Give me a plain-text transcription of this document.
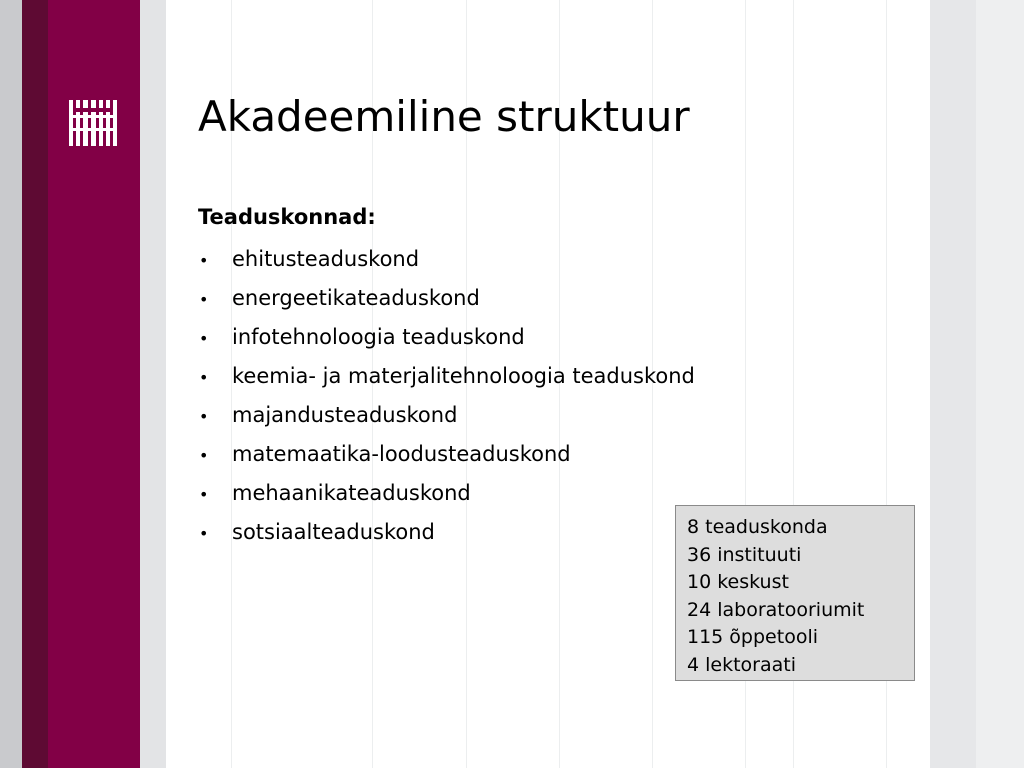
Akadeemiline struktuur
Teaduskonnad:
•	ehitusteaduskond
•	energeetikateaduskond
•	infotehnoloogia teaduskond
•	keemia- ja materjalitehnoloogia teaduskond
•	majandusteaduskond
•	matemaatika-loodusteaduskond
•	mehaanikateaduskond
•	sotsiaalteaduskond	8 teaduskonda
36 instituuti
10 keskust
24 laboratooriumit
115 õppetooli
4 lektoraati
